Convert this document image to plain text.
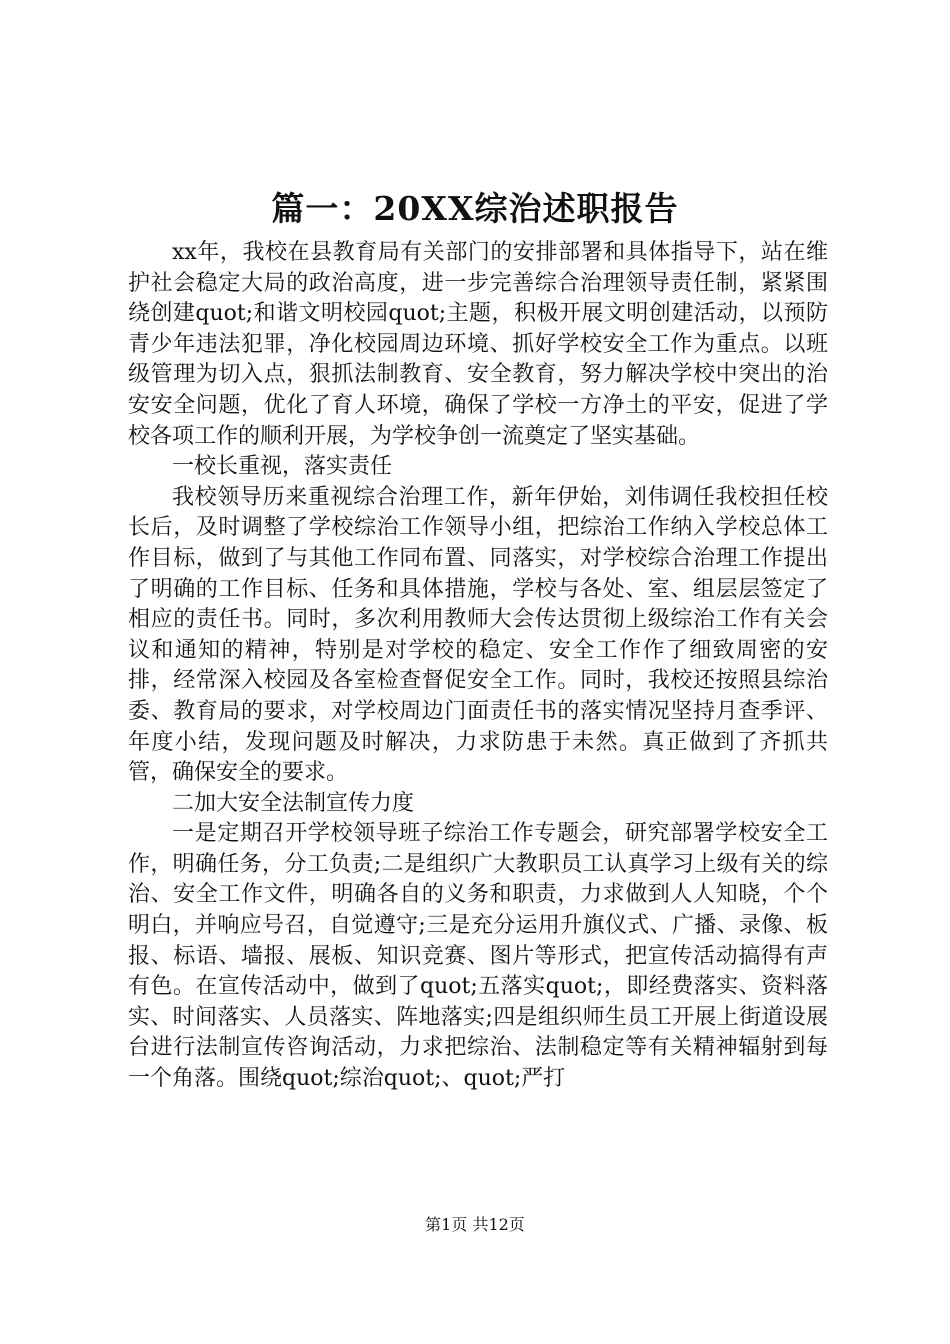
篇一：20XX综治述职报告

xx年，我校在县教育局有关部门的安排部署和具体指导下，站在维护社会稳定大局的政治高度，进一步完善综合治理领导责任制，紧紧围绕创建quot;和谐文明校园quot;主题，积极开展文明创建活动，以预防青少年违法犯罪，净化校园周边环境、抓好学校安全工作为重点。以班级管理为切入点，狠抓法制教育、安全教育，努力解决学校中突出的治安安全问题，优化了育人环境，确保了学校一方净土的平安，促进了学校各项工作的顺利开展，为学校争创一流奠定了坚实基础。

一校长重视，落实责任

我校领导历来重视综合治理工作，新年伊始，刘伟调任我校担任校长后，及时调整了学校综治工作领导小组，把综治工作纳入学校总体工作目标，做到了与其他工作同布置、同落实，对学校综合治理工作提出了明确的工作目标、任务和具体措施，学校与各处、室、组层层签定了相应的责任书。同时，多次利用教师大会传达贯彻上级综治工作有关会议和通知的精神，特别是对学校的稳定、安全工作作了细致周密的安排，经常深入校园及各室检查督促安全工作。同时，我校还按照县综治委、教育局的要求，对学校周边门面责任书的落实情况坚持月查季评、年度小结，发现问题及时解决，力求防患于未然。真正做到了齐抓共管，确保安全的要求。

二加大安全法制宣传力度

一是定期召开学校领导班子综治工作专题会，研究部署学校安全工作，明确任务，分工负责;二是组织广大教职员工认真学习上级有关的综治、安全工作文件，明确各自的义务和职责，力求做到人人知晓，个个明白，并响应号召，自觉遵守;三是充分运用升旗仪式、广播、录像、板报、标语、墙报、展板、知识竞赛、图片等形式，把宣传活动搞得有声有色。在宣传活动中，做到了quot;五落实quot;，即经费落实、资料落实、时间落实、人员落实、阵地落实;四是组织师生员工开展上街道设展台进行法制宣传咨询活动，力求把综治、法制稳定等有关精神辐射到每一个角落。围绕quot;综治quot;、quot;严打

第1页 共12页
